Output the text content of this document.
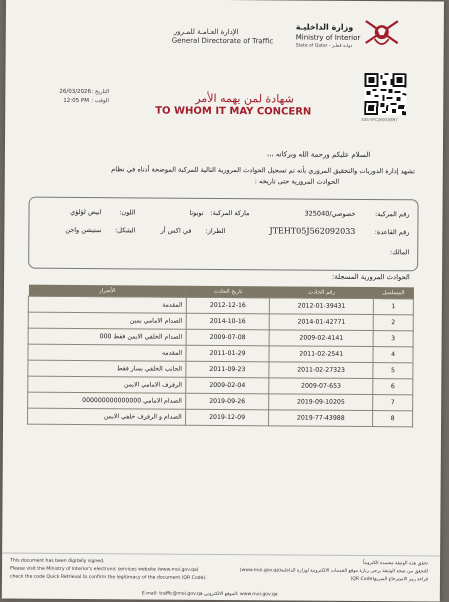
الإدارة العـامـة للمـرور
General Directorate of Traffic
وزارة الداخليـة
Ministry of Interior
State of Qatar - دولـة قطـر
335-TFC26033897
التاريخ :
26/03/2026
الوقت :
12:05 PM	شهادة لمن يهمه الأمر
TO WHOM IT MAY CONCERN
السلام عليكم ورحمة الله وبركاته ،،،
تشهد إدارة الدوريات والتحقيق المروري بأنه تم تسجيل الحوادث المرورية التالية للمركبة الموضحة أدناه في نظام
الحوادث المرورية حتى تاريخه :
رقم المركبة:
خصوصي/325040
ماركة المركبة:
تويوتا
اللون:
ابيض لؤلؤي
رقم القاعدة:
JTEHT05J562092033
الطراز:
في اكس أر
الشكل:
ستيشن واجن
المالك:
الحوادث المرورية المسجلة:
الأضرار	تاريخ الحادث	رقم الحادث	المسلسل
المقدمة	2012-12-16	2012-01-39431	1
الصدام الامامي يمين	2014-10-16	2014-01-42771	2
الصدام الخلفي الايمن فقط 000	2009-07-08	2009-02-4141	3
المقدمه	2011-01-29	2011-02-2541	4
الجانب الخلفي يسار فقط	2011-09-23	2011-02-27323	5
الرفرف الامامي الايمن	2009-02-04	2009-07-653	6
الصدام الامامي 000000000000000	2019-09-26	2019-09-10205	7
الصدام و الرفرف خلفي الايمن	2019-12-09	2019-77-43988	8
This document has been digitally signed.
Please visit the Ministry of Interior's electronic services website (www.moi.gov.qa)
check the code Quick Retrieval to confirm the legitimacy of the document (QR Code).
تحقق هذه الوثيقة معتمدة الكترونياً
للتحقق من صحة الوثيقة يرجى زيارة موقع الخدمات الالكترونية لوزارة الداخلية(www.moi.gov.qa)
قراءة رمز الاسترجاع السريع(QR Code)
E-mail: traffic@moi.gov.qa الموقع الالكتروني: www.moi.gov.qa
